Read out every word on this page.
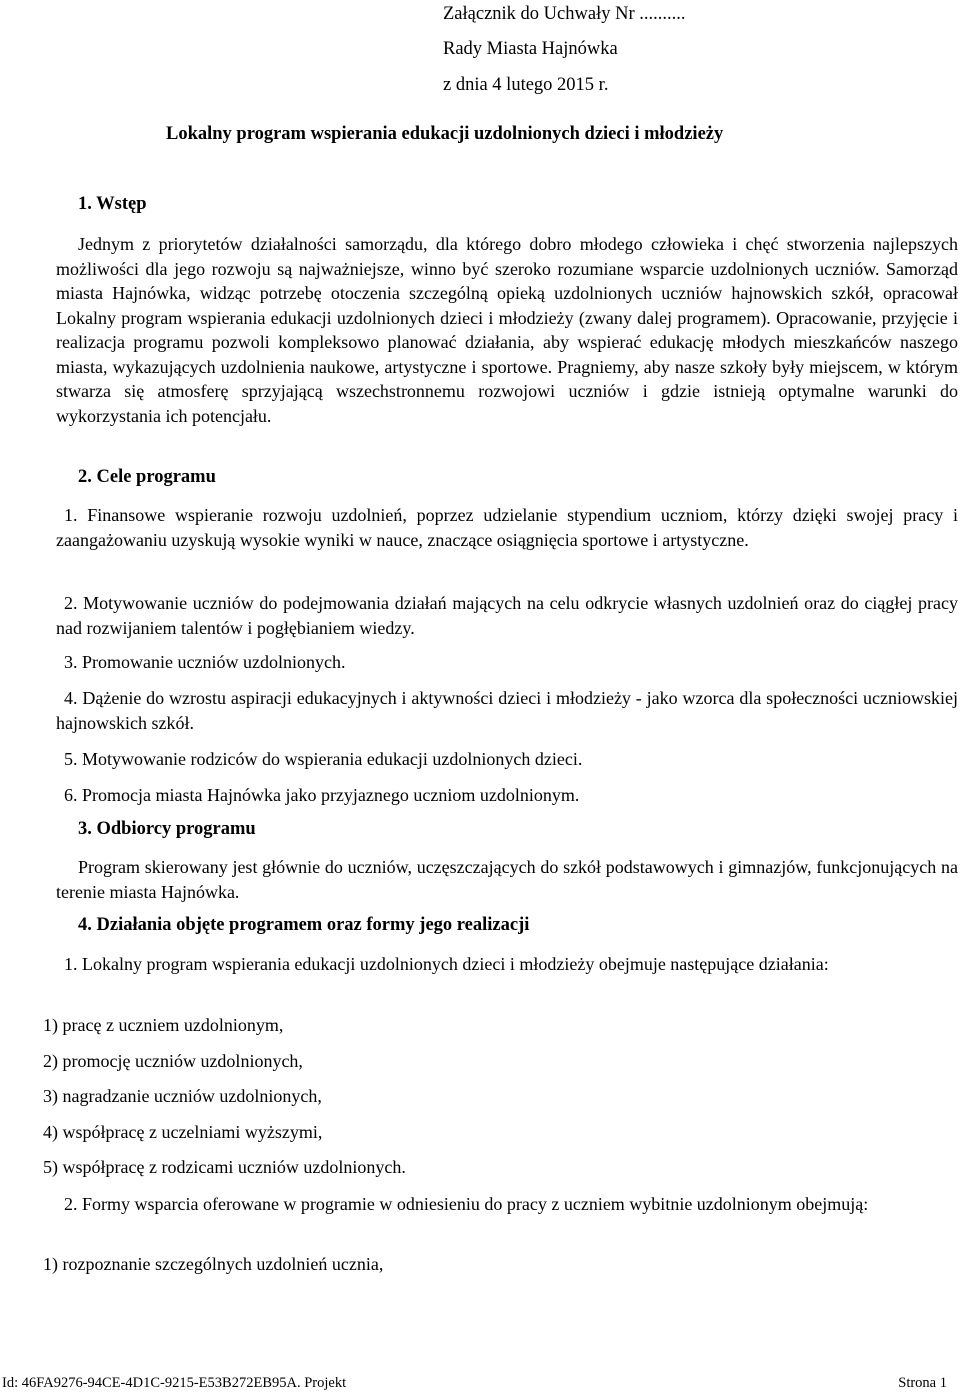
Załącznik do Uchwały Nr ..........
Rady Miasta Hajnówka
z dnia 4 lutego 2015 r.
Lokalny program wspierania edukacji uzdolnionych dzieci i młodzieży
1. Wstęp
Jednym z priorytetów działalności samorządu, dla którego dobro młodego człowieka i chęć stworzenia najlepszych możliwości dla jego rozwoju są najważniejsze, winno być szeroko rozumiane wsparcie uzdolnionych uczniów. Samorząd miasta Hajnówka, widząc potrzebę otoczenia szczególną opieką uzdolnionych uczniów hajnowskich szkół, opracował Lokalny program wspierania edukacji uzdolnionych dzieci i młodzieży (zwany dalej programem). Opracowanie, przyjęcie i realizacja programu pozwoli kompleksowo planować działania, aby wspierać edukację młodych mieszkańców naszego miasta, wykazujących uzdolnienia naukowe, artystyczne i sportowe. Pragniemy, aby nasze szkoły były miejscem, w którym stwarza się atmosferę sprzyjającą wszechstronnemu rozwojowi uczniów i gdzie istnieją optymalne warunki do wykorzystania ich potencjału.
2. Cele programu
1. Finansowe wspieranie rozwoju uzdolnień, poprzez udzielanie stypendium uczniom, którzy dzięki swojej pracy i zaangażowaniu uzyskują wysokie wyniki w nauce, znaczące osiągnięcia sportowe i artystyczne.
2. Motywowanie uczniów do podejmowania działań mających na celu odkrycie własnych uzdolnień oraz do ciągłej pracy nad rozwijaniem talentów i pogłębianiem wiedzy.
3. Promowanie uczniów uzdolnionych.
4. Dążenie do wzrostu aspiracji edukacyjnych i aktywności dzieci i młodzieży - jako wzorca dla społeczności uczniowskiej hajnowskich szkół.
5. Motywowanie rodziców do wspierania edukacji uzdolnionych dzieci.
6. Promocja miasta Hajnówka jako przyjaznego uczniom uzdolnionym.
3. Odbiorcy programu
Program skierowany jest głównie do uczniów, uczęszczających do szkół podstawowych i gimnazjów, funkcjonujących na terenie miasta Hajnówka.
4. Działania objęte programem oraz formy jego realizacji
1. Lokalny program wspierania edukacji uzdolnionych dzieci i młodzieży obejmuje następujące działania:
1) pracę z uczniem uzdolnionym,
2) promocję uczniów uzdolnionych,
3) nagradzanie uczniów uzdolnionych,
4) współpracę z uczelniami wyższymi,
5) współpracę z rodzicami uczniów uzdolnionych.
2. Formy wsparcia oferowane w programie w odniesieniu do pracy z uczniem wybitnie uzdolnionym obejmują:
1) rozpoznanie szczególnych uzdolnień ucznia,
Id: 46FA9276-94CE-4D1C-9215-E53B272EB95A. Projekt	Strona 1
